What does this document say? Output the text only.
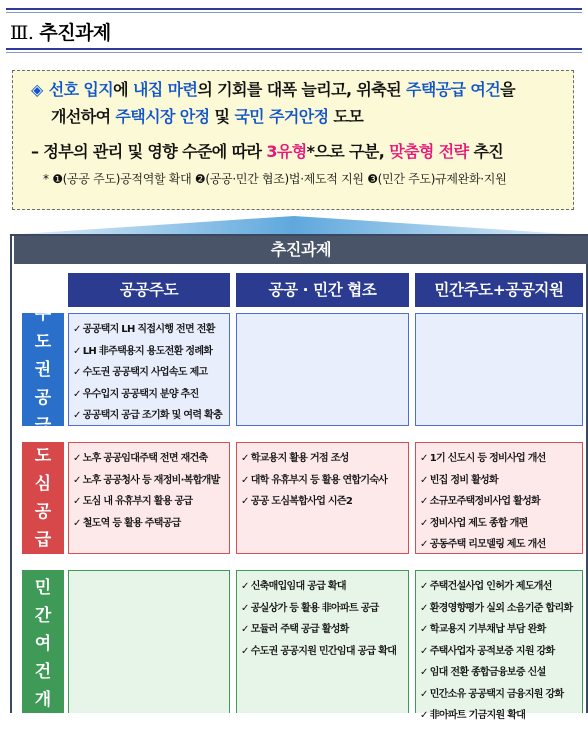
Ⅲ. 추진과제
◈ 선호 입지에 내집 마련의 기회를 대폭 늘리고, 위축된 주택공급 여건을
개선하여 주택시장 안정 및 국민 주거안정 도모
– 정부의 관리 및 영향 수준에 따라 3유형*으로 구분, 맞춤형 전략 추진
* ❶(공공 주도)공적역할 확대 ❷(공공·민간 협조)법·제도적 지원 ❸(민간 주도)규제완화·지원
추진과제
공공주도	공공 · 민간 협조	민간주도+공공지원
수
도
권
공
급
✓ 공공택지 LH 직접시행 전면 전환
✓ LH 非주택용지 용도전환 정례화
✓ 수도권 공공택지 사업속도 제고
✓ 우수입지 공공택지 분양 추진
✓ 공공택지 공급 조기화 및 여력 확충
도
심
공
급
✓ 노후 공공임대주택 전면 재건축
✓ 노후 공공청사 등 재정비·복합개발
✓ 도심 내 유휴부지 활용 공급
✓ 철도역 등 활용 주택공급
✓ 학교용지 활용 거점 조성
✓ 대학 유휴부지 등 활용 연합기숙사
✓ 공공 도심복합사업 시즌2
✓ 1기 신도시 등 정비사업 개선
✓ 빈집 정비 활성화
✓ 소규모주택정비사업 활성화
✓ 정비사업 제도 종합 개편
✓ 공동주택 리모델링 제도 개선
민
간
여
건
개
선
✓ 신축매입임대 공급 확대
✓ 공실상가 등 활용 非아파트 공급
✓ 모듈러 주택 공급 활성화
✓ 수도권 공공지원 민간임대 공급 확대
✓ 주택건설사업 인허가 제도개선
✓ 환경영향평가 실외 소음기준 합리화
✓ 학교용지 기부채납 부담 완화
✓ 주택사업자 공적보증 지원 강화
✓ 임대 전환 종합금융보증 신설
✓ 민간소유 공공택지 금융지원 강화
✓ 非아파트 기금지원 확대
